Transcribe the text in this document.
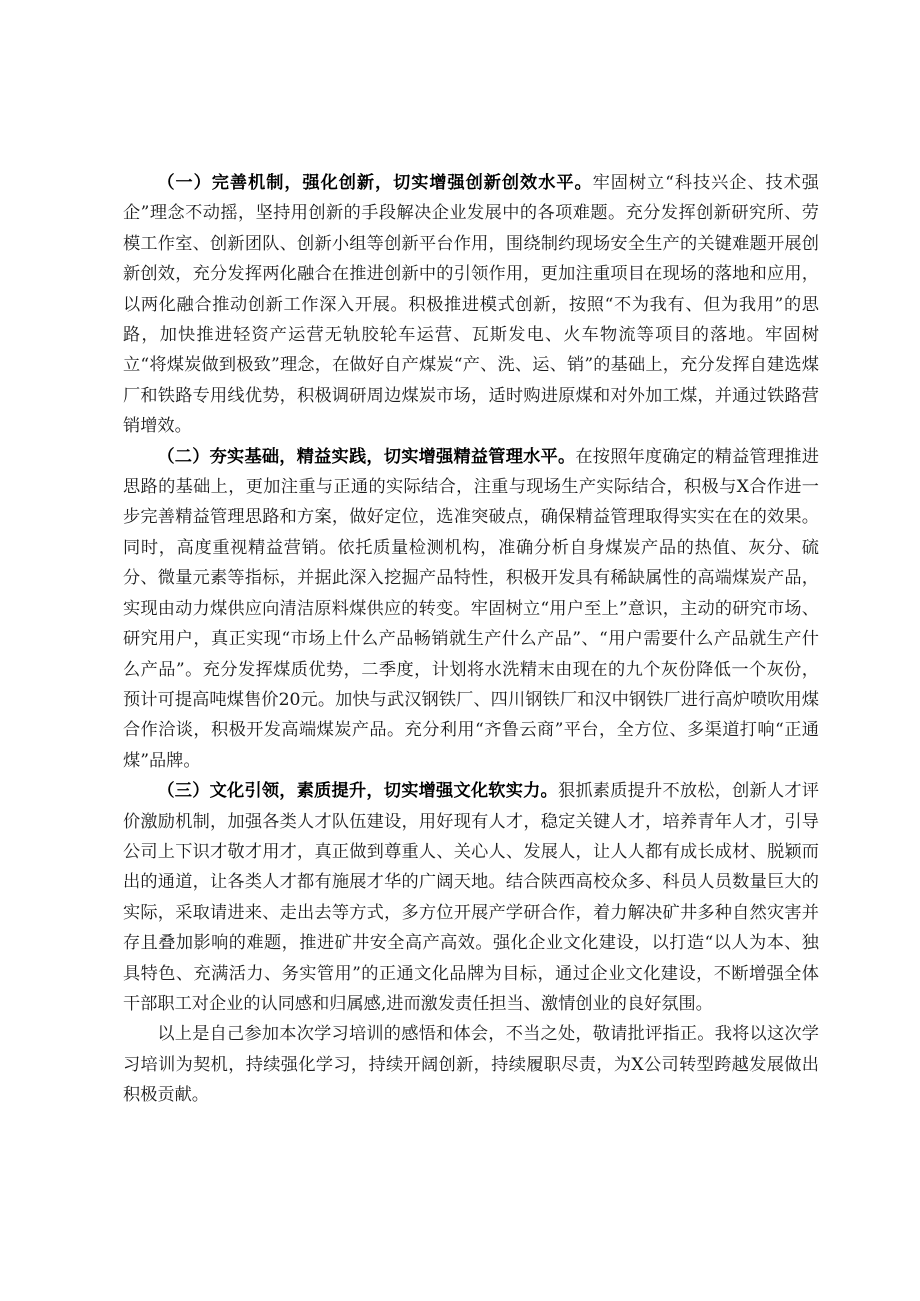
（一）完善机制，强化创新，切实增强创新创效水平。牢固树立“科技兴企、技术强企”理念不动摇，坚持用创新的手段解决企业发展中的各项难题。充分发挥创新研究所、劳模工作室、创新团队、创新小组等创新平台作用，围绕制约现场安全生产的关键难题开展创新创效，充分发挥两化融合在推进创新中的引领作用，更加注重项目在现场的落地和应用，以两化融合推动创新工作深入开展。积极推进模式创新，按照“不为我有、但为我用”的思路，加快推进轻资产运营无轨胶轮车运营、瓦斯发电、火车物流等项目的落地。牢固树立“将煤炭做到极致”理念，在做好自产煤炭“产、洗、运、销”的基础上，充分发挥自建选煤厂和铁路专用线优势，积极调研周边煤炭市场，适时购进原煤和对外加工煤，并通过铁路营销增效。

（二）夯实基础，精益实践，切实增强精益管理水平。在按照年度确定的精益管理推进思路的基础上，更加注重与正通的实际结合，注重与现场生产实际结合，积极与X合作进一步完善精益管理思路和方案，做好定位，选准突破点，确保精益管理取得实实在在的效果。同时，高度重视精益营销。依托质量检测机构，准确分析自身煤炭产品的热值、灰分、硫分、微量元素等指标，并据此深入挖掘产品特性，积极开发具有稀缺属性的高端煤炭产品，实现由动力煤供应向清洁原料煤供应的转变。牢固树立“用户至上”意识，主动的研究市场、研究用户，真正实现“市场上什么产品畅销就生产什么产品”、“用户需要什么产品就生产什么产品”。充分发挥煤质优势，二季度，计划将水洗精末由现在的九个灰份降低一个灰份，预计可提高吨煤售价20元。加快与武汉钢铁厂、四川钢铁厂和汉中钢铁厂进行高炉喷吹用煤合作洽谈，积极开发高端煤炭产品。充分利用“齐鲁云商”平台，全方位、多渠道打响“正通煤”品牌。

（三）文化引领，素质提升，切实增强文化软实力。狠抓素质提升不放松，创新人才评价激励机制，加强各类人才队伍建设，用好现有人才，稳定关键人才，培养青年人才，引导公司上下识才敬才用才，真正做到尊重人、关心人、发展人，让人人都有成长成材、脱颖而出的通道，让各类人才都有施展才华的广阔天地。结合陕西高校众多、科员人员数量巨大的实际，采取请进来、走出去等方式，多方位开展产学研合作，着力解决矿井多种自然灾害并存且叠加影响的难题，推进矿井安全高产高效。强化企业文化建设，以打造“以人为本、独具特色、充满活力、务实管用”的正通文化品牌为目标，通过企业文化建设，不断增强全体干部职工对企业的认同感和归属感,进而激发责任担当、激情创业的良好氛围。

以上是自己参加本次学习培训的感悟和体会，不当之处，敬请批评指正。我将以这次学习培训为契机，持续强化学习，持续开阔创新，持续履职尽责，为X公司转型跨越发展做出积极贡献。
